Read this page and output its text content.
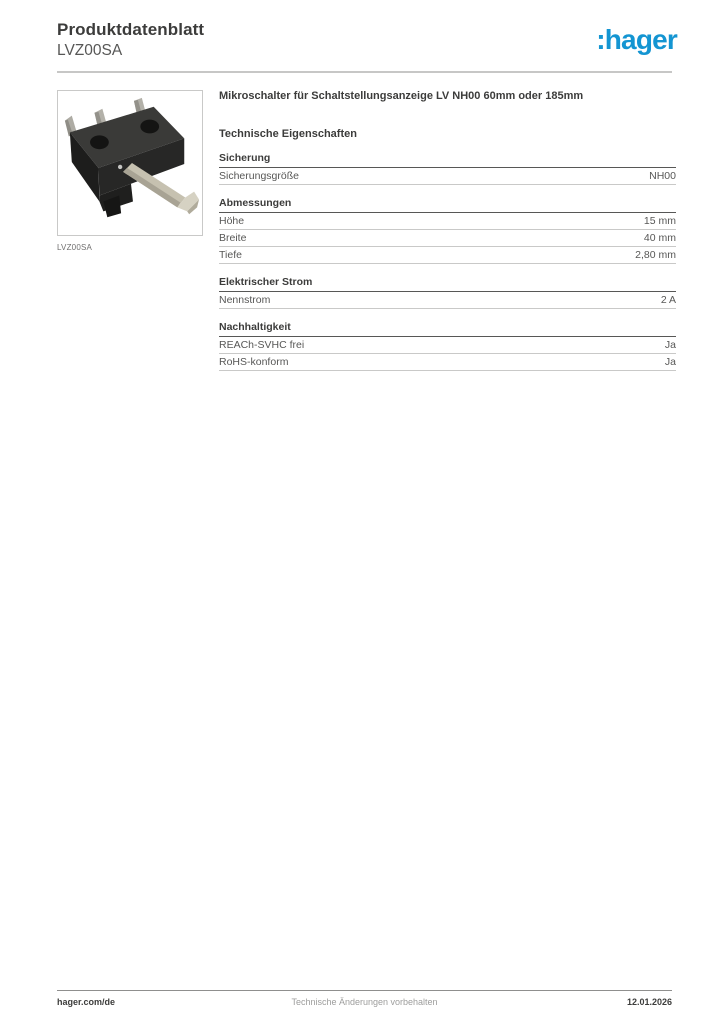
Produktdatenblatt
LVZ00SA	:hager
LVZ00SA
Mikroschalter für Schaltstellungsanzeige LV NH00 60mm oder 185mm
Technische Eigenschaften
Sicherung
Sicherungsgröße	NH00
Abmessungen
Höhe	15 mm
Breite	40 mm
Tiefe	2,80 mm
Elektrischer Strom
Nennstrom	2 A
Nachhaltigkeit
REACh-SVHC frei	Ja
RoHS-konform	Ja
Technische Änderungen vorbehalten
hager.com/de	12.01.2026
